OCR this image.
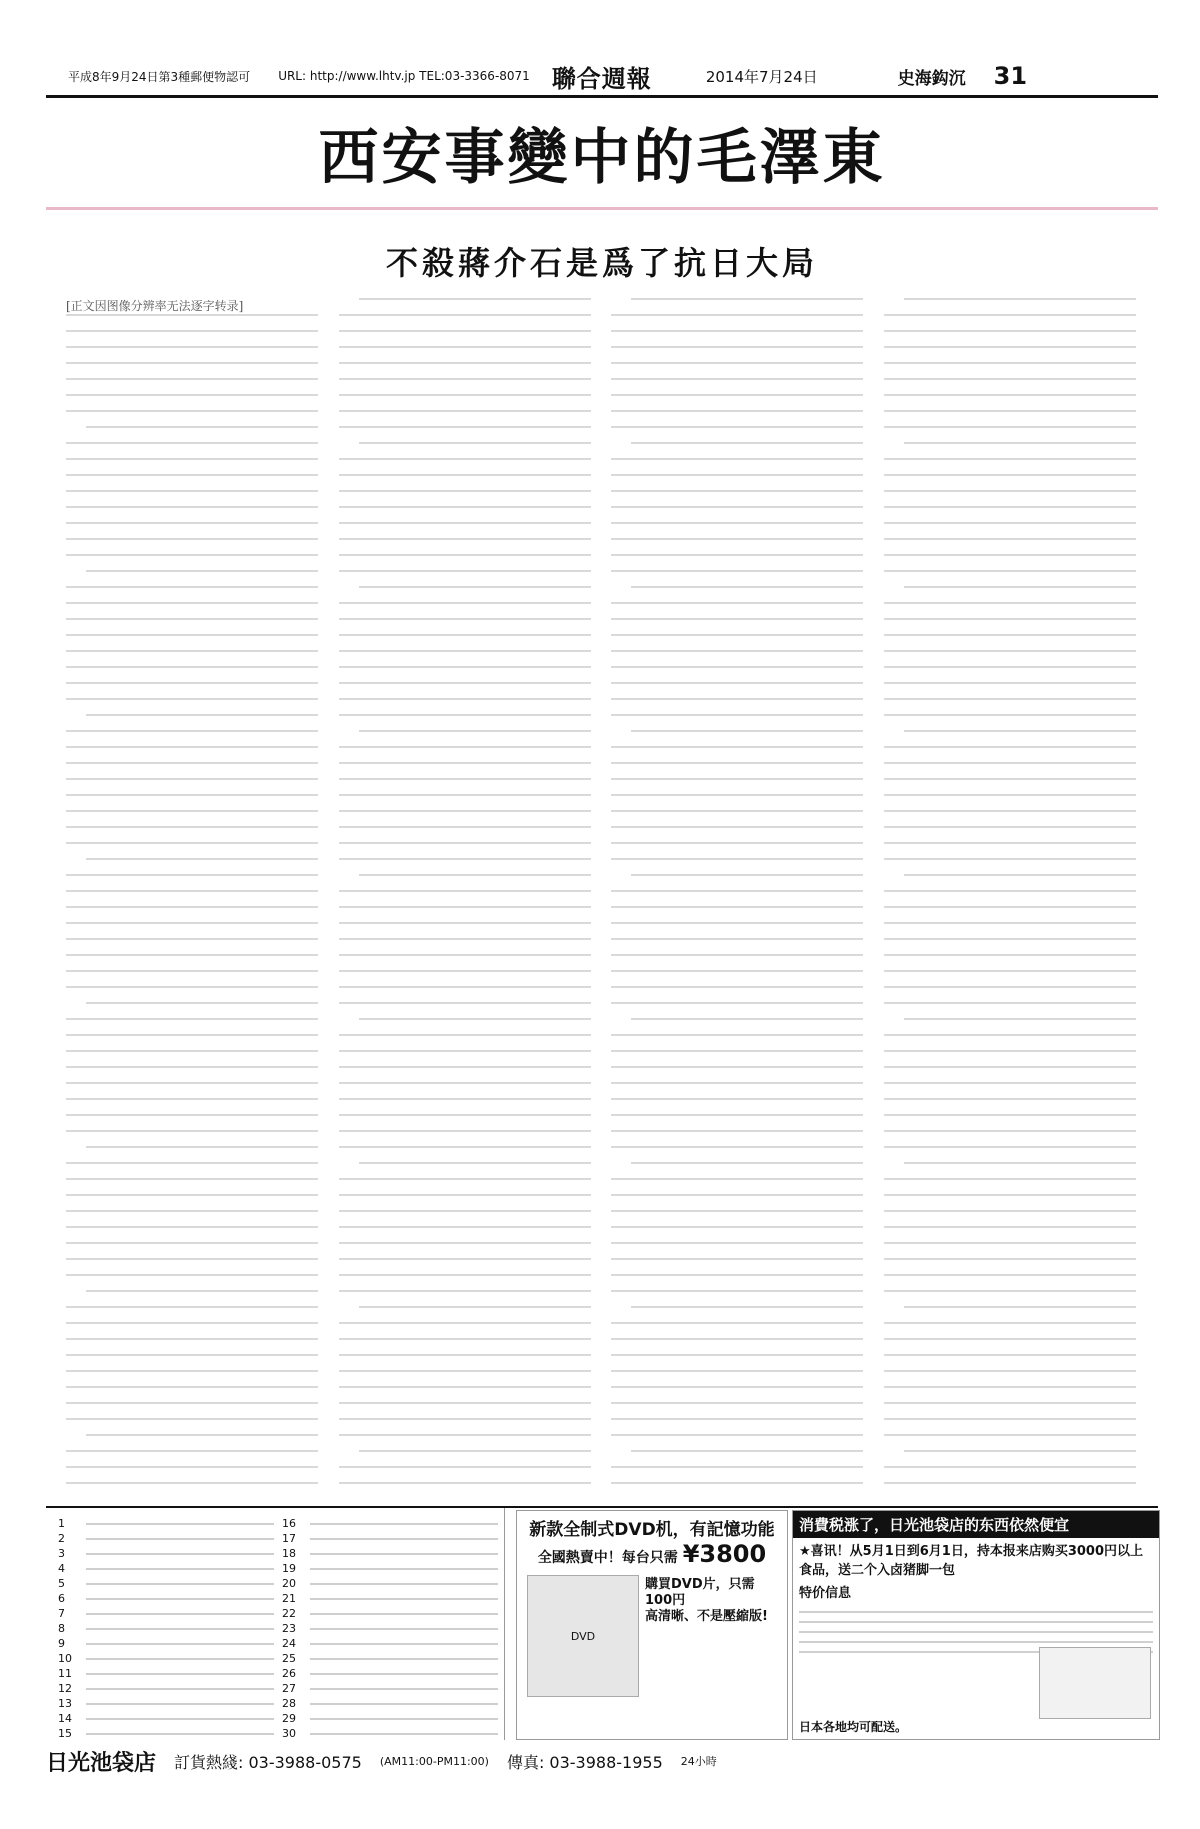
平成8年9月24日第3種郵便物認可 URL: http://www.lhtv.jp TEL:03-3366-8071 聯合週報	2014年7月24日	史海鈎沉 31
西安事變中的毛澤東
不殺蔣介石是爲了抗日大局
[正文因图像分辨率无法逐字转录]
1
2
3
4
5
6
7
8
9
10
11
12
13
14
15
16
17
18
19
20
21
22
23
24
25
26
27
28
29
30
新款全制式DVD机，有記憶功能
全國熱賣中！每台只需 ¥3800
DVD
購買DVD片，只需100円
高清晰、不是壓縮版!
消費税涨了，日光池袋店的东西依然便宜
★喜讯！从5月1日到6月1日，持本报来店购买3000円以上食品，送二个入卤猪脚一包
特价信息
日本各地均可配送。
日光池袋店 訂貨熱綫: 03-3988-0575 (AM11:00-PM11:00) 傳真: 03-3988-1955 24小時
